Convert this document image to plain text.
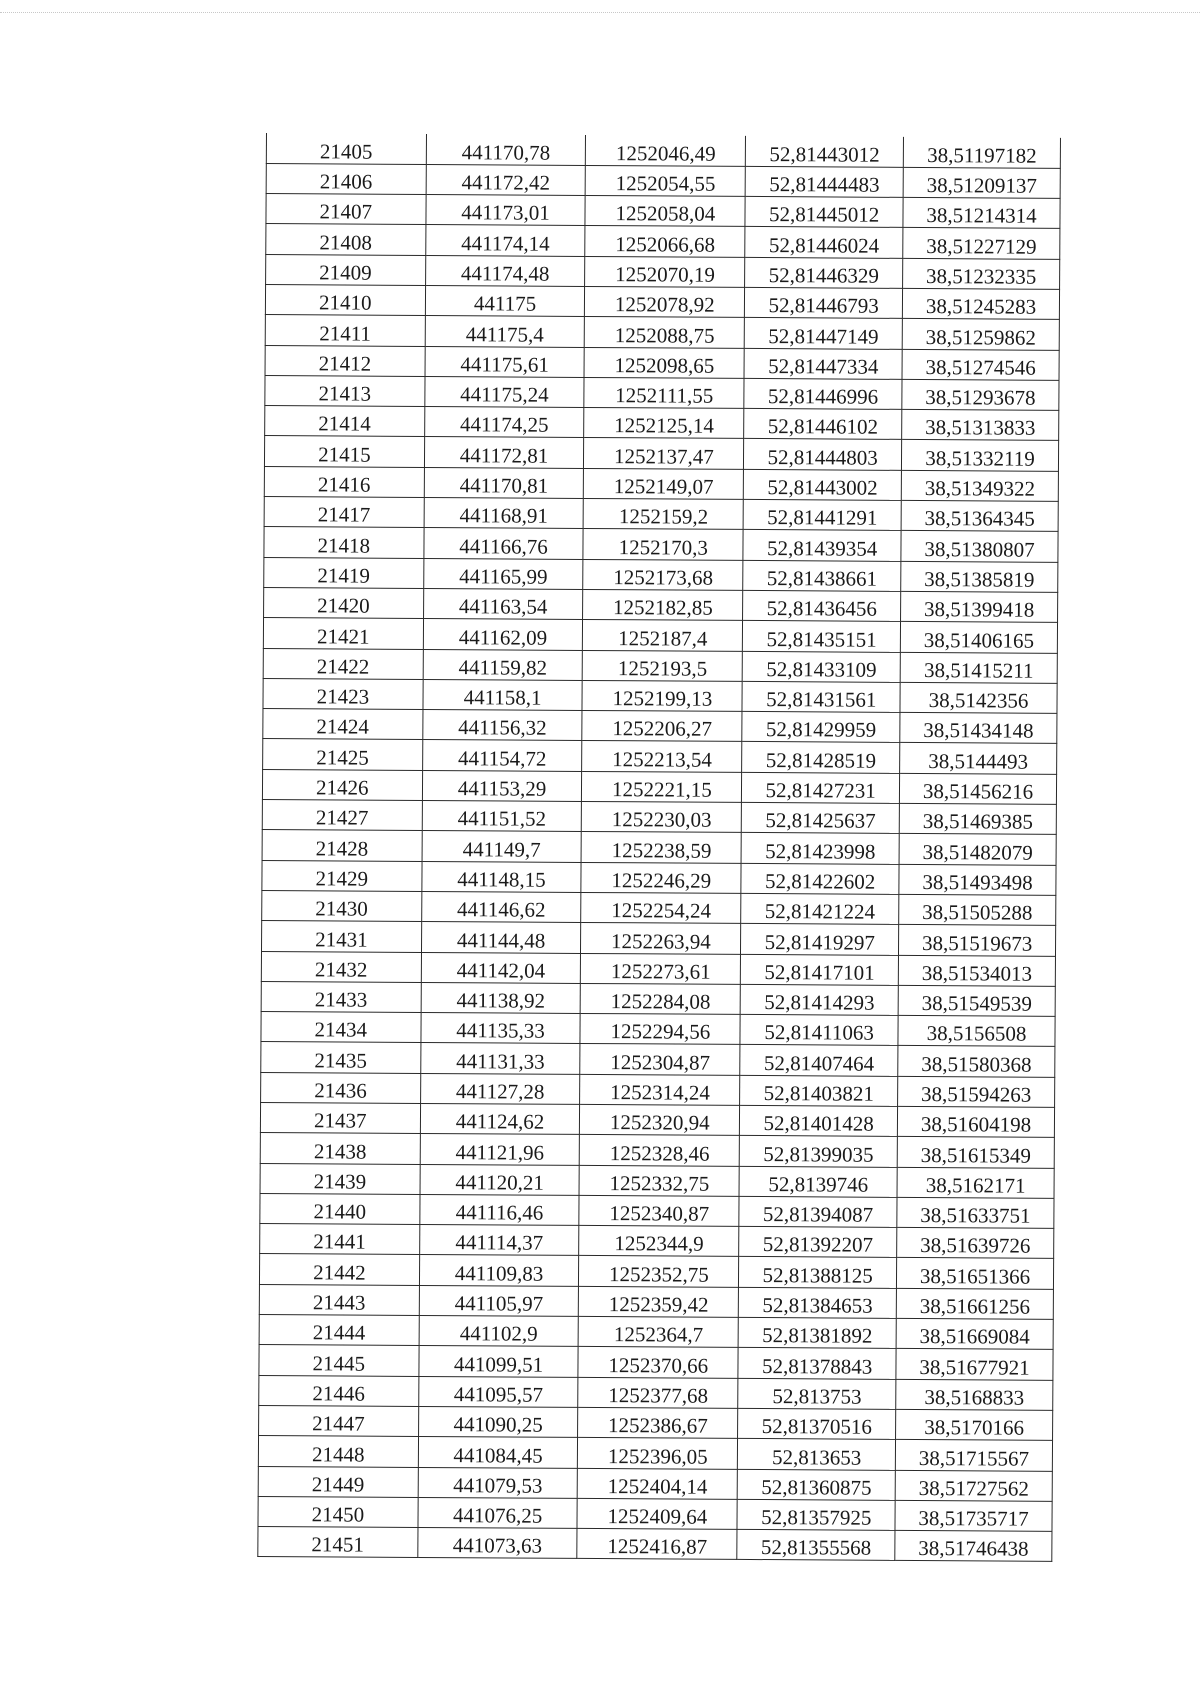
21405	441170,78	1252046,49	52,81443012	38,51197182
21406	441172,42	1252054,55	52,81444483	38,51209137
21407	441173,01	1252058,04	52,81445012	38,51214314
21408	441174,14	1252066,68	52,81446024	38,51227129
21409	441174,48	1252070,19	52,81446329	38,51232335
21410	441175	1252078,92	52,81446793	38,51245283
21411	441175,4	1252088,75	52,81447149	38,51259862
21412	441175,61	1252098,65	52,81447334	38,51274546
21413	441175,24	1252111,55	52,81446996	38,51293678
21414	441174,25	1252125,14	52,81446102	38,51313833
21415	441172,81	1252137,47	52,81444803	38,51332119
21416	441170,81	1252149,07	52,81443002	38,51349322
21417	441168,91	1252159,2	52,81441291	38,51364345
21418	441166,76	1252170,3	52,81439354	38,51380807
21419	441165,99	1252173,68	52,81438661	38,51385819
21420	441163,54	1252182,85	52,81436456	38,51399418
21421	441162,09	1252187,4	52,81435151	38,51406165
21422	441159,82	1252193,5	52,81433109	38,51415211
21423	441158,1	1252199,13	52,81431561	38,5142356
21424	441156,32	1252206,27	52,81429959	38,51434148
21425	441154,72	1252213,54	52,81428519	38,5144493
21426	441153,29	1252221,15	52,81427231	38,51456216
21427	441151,52	1252230,03	52,81425637	38,51469385
21428	441149,7	1252238,59	52,81423998	38,51482079
21429	441148,15	1252246,29	52,81422602	38,51493498
21430	441146,62	1252254,24	52,81421224	38,51505288
21431	441144,48	1252263,94	52,81419297	38,51519673
21432	441142,04	1252273,61	52,81417101	38,51534013
21433	441138,92	1252284,08	52,81414293	38,51549539
21434	441135,33	1252294,56	52,81411063	38,5156508
21435	441131,33	1252304,87	52,81407464	38,51580368
21436	441127,28	1252314,24	52,81403821	38,51594263
21437	441124,62	1252320,94	52,81401428	38,51604198
21438	441121,96	1252328,46	52,81399035	38,51615349
21439	441120,21	1252332,75	52,8139746	38,5162171
21440	441116,46	1252340,87	52,81394087	38,51633751
21441	441114,37	1252344,9	52,81392207	38,51639726
21442	441109,83	1252352,75	52,81388125	38,51651366
21443	441105,97	1252359,42	52,81384653	38,51661256
21444	441102,9	1252364,7	52,81381892	38,51669084
21445	441099,51	1252370,66	52,81378843	38,51677921
21446	441095,57	1252377,68	52,813753	38,5168833
21447	441090,25	1252386,67	52,81370516	38,5170166
21448	441084,45	1252396,05	52,813653	38,51715567
21449	441079,53	1252404,14	52,81360875	38,51727562
21450	441076,25	1252409,64	52,81357925	38,51735717
21451	441073,63	1252416,87	52,81355568	38,51746438
